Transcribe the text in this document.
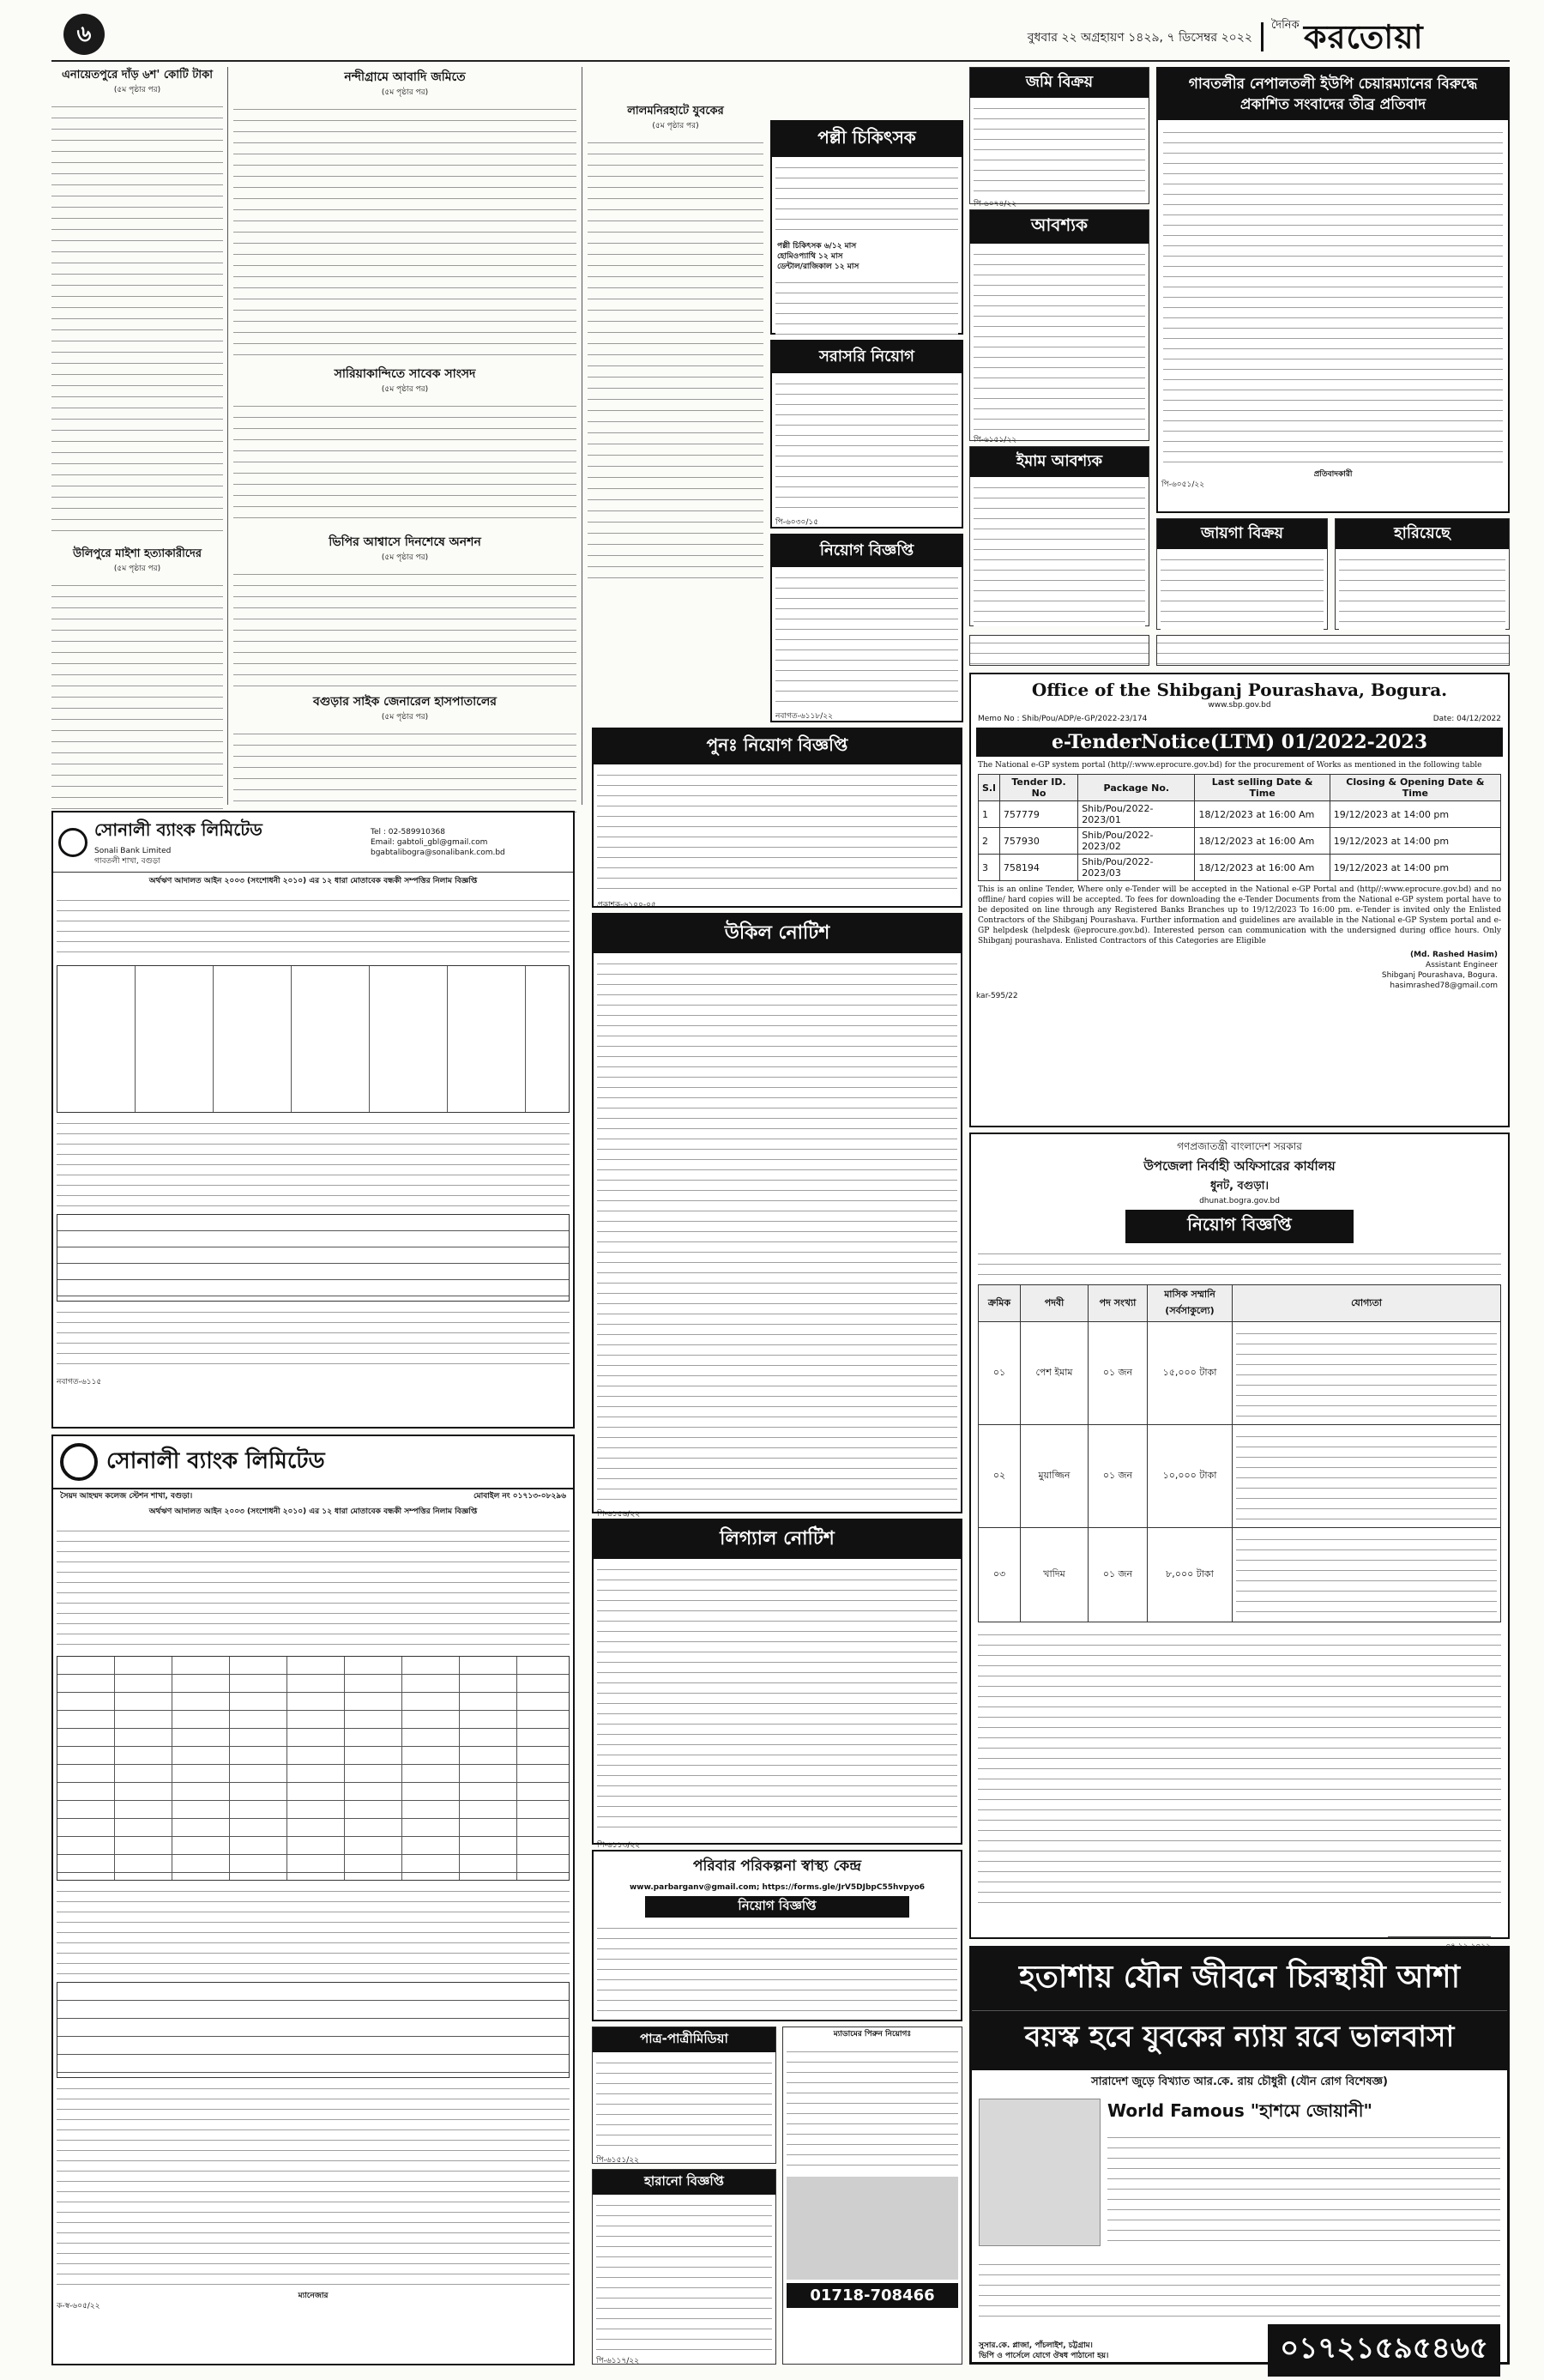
৬	বুধবার ২২ অগ্রহায়ণ ১৪২৯, ৭ ডিসেম্বর ২০২২
দৈনিক করতোয়া
এনায়েতপুরে দাঁড় ৬শ' কোটি টাকা
(৫ম পৃষ্ঠার পর)
উলিপুরে মাইশা হত্যাকারীদের
(৫ম পৃষ্ঠার পর)
নন্দীগ্রামে আবাদি জমিতে
(৫ম পৃষ্ঠার পর)
সারিয়াকান্দিতে সাবেক সাংসদ
(৫ম পৃষ্ঠার পর)
ভিপির আশ্বাসে দিনশেষে অনশন
(৫ম পৃষ্ঠার পর)
বগুড়ার সাইক জেনারেল হাসপাতালের
(৫ম পৃষ্ঠার পর)
লালমনিরহাটে যুবকের
(৫ম পৃষ্ঠার পর)
পল্লী চিকিৎসক
পল্লী চিকিৎসক ৬/১২ মাস
হোমিওপ্যাথি ১২ মাস
ডেন্টাল/রাজিকাল ১২ মাস
সরাসরি নিয়োগ
পি-৬০৩০/১৫
নিয়োগ বিজ্ঞপ্তি
নবাগত-৬১১৮/২২
জমি বিক্রয়
পি-৬০৭৪/২২
আবশ্যক
পি-৬১৫১/২২
ইমাম আবশ্যক
গাবতলীর নেপালতলী ইউপি চেয়ারম্যানের বিরুদ্ধে প্রকাশিত সংবাদের তীব্র প্রতিবাদ
প্রতিবাদকারী
পি-৬০৫১/২২
জায়গা বিক্রয়	হারিয়েছে
সোনালী ব্যাংক লিমিটেড
Sonali Bank Limited
গাবতলী শাখা, বগুড়া
Tel : 02-589910368
Email: gabtoli_gbl@gmail.com
bgabtalibogra@sonalibank.com.bd
অর্থঋণ আদালত আইন ২০০৩ (সংশোধনী ২০১০) এর ১২ ধারা মোতাবেক বন্ধকী সম্পত্তির নিলাম বিজ্ঞপ্তি
নবাগত-৬১১৫
সোনালী ব্যাংক লিমিটেড
সৈয়দ আহম্মদ কলেজ স্টেশন শাখা, বগুড়া।	মোবাইল নং ০১৭১৩-০৮২৯৬
অর্থঋণ আদালত আইন ২০০৩ (সংশোধনী ২০১০) এর ১২ ধারা মোতাবেক বন্ধকী সম্পত্তির নিলাম বিজ্ঞপ্তি
ম্যানেজার
ক-স্ব-৬০৫/২২
পুনঃ নিয়োগ বিজ্ঞপ্তি
প্রকাশক-৬১০০-০৫
উকিল নোটিশ
পি-৬১৫৬/২২
লিগ্যাল নোটিশ
পি-৬১১৩/২২
পরিবার পরিকল্পনা স্বাস্থ্য কেন্দ্র
www.parbarganv@gmail.com; https://forms.gle/JrV5DJbpC55hvpyo6
নিয়োগ বিজ্ঞপ্তি
পাত্র-পাত্রীমিডিয়া
পি-৬১৫১/২২
হারানো বিজ্ঞপ্তি
পি-৬১১৭/২২
ম্যাডামের পিরুন নিয়োগঃ
01718-708466
Office of the Shibganj Pourashava, Bogura.
www.sbp.gov.bd
Memo No : Shib/Pou/ADP/e-GP/2022-23/174	Date: 04/12/2022
e-TenderNotice(LTM) 01/2022-2023
The National e-GP system portal (http//:www.eprocure.gov.bd) for the procurement of Works as mentioned in the following table
S.l	Tender ID. No	Package No.	Last selling Date & Time	Closing & Opening Date & Time
1	757779	Shib/Pou/2022-2023/01	18/12/2023 at 16:00 Am	19/12/2023 at 14:00 pm
2	757930	Shib/Pou/2022-2023/02	18/12/2023 at 16:00 Am	19/12/2023 at 14:00 pm
3	758194	Shib/Pou/2022-2023/03	18/12/2023 at 16:00 Am	19/12/2023 at 14:00 pm
This is an online Tender, Where only e-Tender will be accepted in the National e-GP Portal and (http//:www.eprocure.gov.bd) and no offline/ hard copies will be accepted. To fees for downloading the e-Tender Documents from the National e-GP system portal have to be deposited on line through any Registered Banks Branches up to 19/12/2023 To 16:00 pm. e-Tender is invited only the Enlisted Contractors of the Shibganj Pourashava. Further information and guidelines are available in the National e-GP System portal and e-GP helpdesk (helpdesk @eprocure.gov.bd). Interested person can communication with the undersigned during office hours. Only Shibganj pourashava. Enlisted Contractors of this Categories are Eligible
(Md. Rashed Hasim)
Assistant Engineer
Shibganj Pourashava, Bogura.
hasimrashed78@gmail.com
kar-595/22
গণপ্রজাতন্ত্রী বাংলাদেশ সরকার
উপজেলা নির্বাহী অফিসারের কার্যালয়
ধুনট, বগুড়া।
dhunat.bogra.gov.bd
নিয়োগ বিজ্ঞপ্তি
ক্রমিক	পদবী	পদ সংখ্যা	মাসিক সম্মানি (সর্বসাকুল্যে)	যোগ্যতা
০১	পেশ ইমাম	০১ জন	১৫,০০০ টাকা	

০২	মুয়াজ্জিন	০১ জন	১০,০০০ টাকা	

০৩	খাদিম	০১ জন	৮,০০০ টাকা	
হতাশায় যৌন জীবনে চিরস্থায়ী আশা
বয়স্ক হবে যুবকের ন্যায় রবে ভালবাসা
সারাদেশ জুড়ে বিখ্যাত আর.কে. রায় চৌধুরী (যৌন রোগ বিশেষজ্ঞ)
World Famous "হাশমে জোয়ানী"
সুসার.কে. প্লাজা, পাঁচলাইশ, চট্টগ্রাম।
ভিপি ও পার্সেলে যোগে ঔষধ পাঠানো হয়।	০১৭২১৫৯৫৪৬৫
